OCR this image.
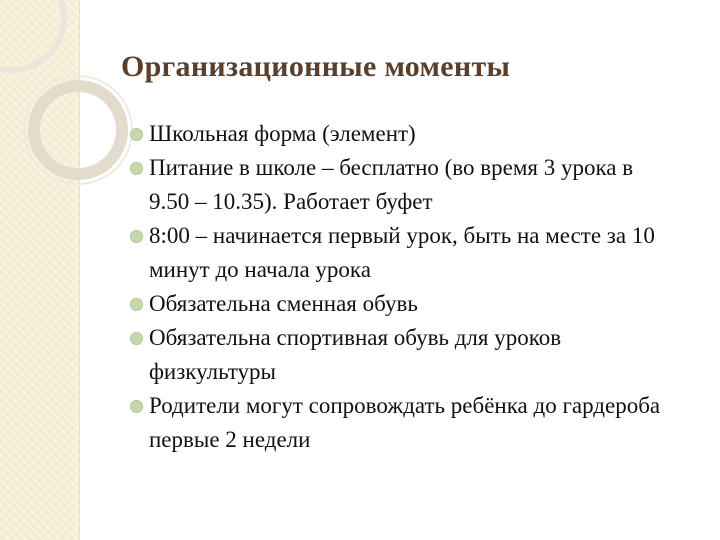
Организационные моменты
Школьная форма (элемент)
Питание в школе – бесплатно (во время 3 урока в 9.50 – 10.35). Работает буфет
8:00 – начинается первый урок, быть на месте за 10 минут до начала урока
Обязательна сменная обувь
Обязательна спортивная обувь для уроков физкультуры
Родители могут сопровождать ребёнка до гардероба первые 2 недели
